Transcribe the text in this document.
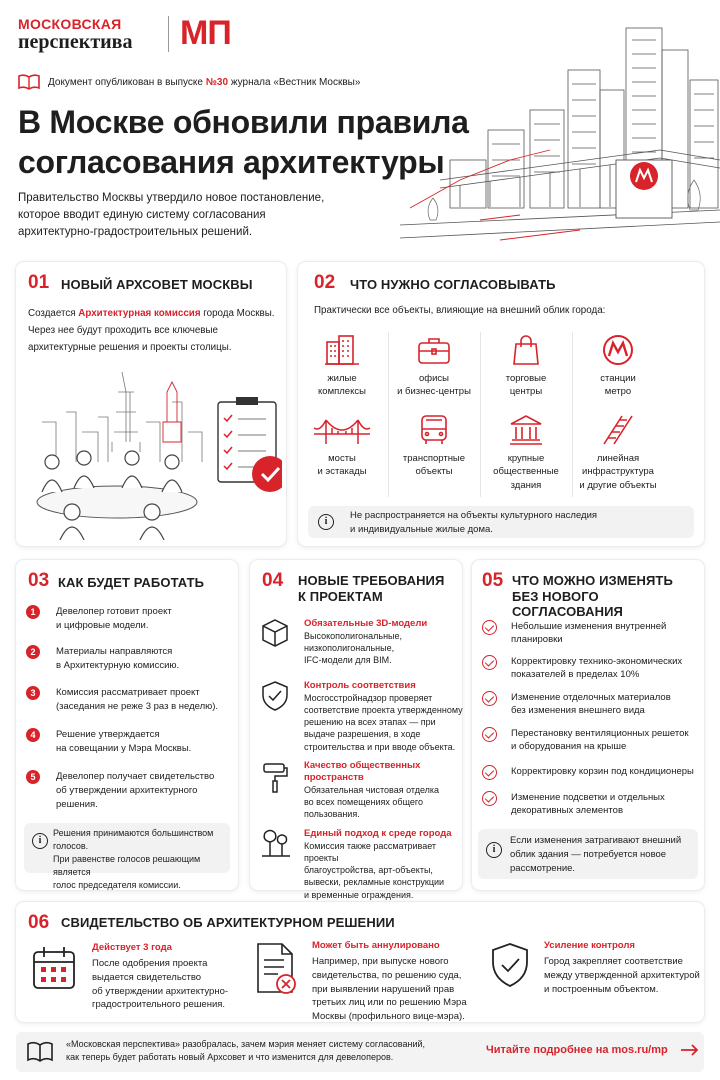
МОСКОВСКАЯ
перспектива МП
Документ опубликован в выпуске №30 журнала «Вестник Москвы»
В Москве обновили правила
согласования архитектуры
Правительство Москвы утвердило новое постановление,
которое вводит единую систему согласования
архитектурно-градостроительных решений.
01 НОВЫЙ АРХСОВЕТ МОСКВЫ
Создается Архитектурная комиссия города Москвы.
Через нее будут проходить все ключевые
архитектурные решения и проекты столицы.
02 ЧТО НУЖНО СОГЛАСОВЫВАТЬ
Практически все объекты, влияющие на внешний облик города:
жилые
комплексы
офисы
и бизнес-центры
торговые
центры
станции
метро
мосты
и эстакады
транспортные
объекты
крупные
общественные
здания
линейная
инфраструктура
и другие объекты
i
Не распространяется на объекты культурного наследия
и индивидуальные жилые дома.
03 КАК БУДЕТ РАБОТАТЬ
1	Девелопер готовит проект
и цифровые модели.
2	Материалы направляются
в Архитектурную комиссию.
3	Комиссия рассматривает проект
(заседания не реже 3 раз в неделю).
4	Решение утверждается
на совещании у Мэра Москвы.
5	Девелопер получает свидетельство
об утверждении архитектурного решения.
i
Решения принимаются большинством голосов.
При равенстве голосов решающим является
голос председателя комиссии.
04 НОВЫЕ ТРЕБОВАНИЯ
К ПРОЕКТАМ
Обязательные 3D-модели
Высокополигональные,
низкополигональные,
IFC-модели для BIM.
Контроль соответствия
Мосгосстройнадзор проверяет
соответствие проекта утвержденному
решению на всех этапах — при
выдаче разрешения, в ходе
строительства и при вводе объекта.
Качество общественных
пространств
Обязательная чистовая отделка
во всех помещениях общего
пользования.
Единый подход к среде города
Комиссия также рассматривает проекты
благоустройства, арт-объекты,
вывески, рекламные конструкции
и временные ограждения.
05 ЧТО МОЖНО ИЗМЕНЯТЬ
БЕЗ НОВОГО СОГЛАСОВАНИЯ
Небольшие изменения внутренней
планировки
Корректировку технико-экономических
показателей в пределах 10%
Изменение отделочных материалов
без изменения внешнего вида
Перестановку вентиляционных решеток
и оборудования на крыше
Корректировку корзин под кондиционеры
Изменение подсветки и отдельных
декоративных элементов
i
Если изменения затрагивают внешний
облик здания — потребуется новое
рассмотрение.
06 СВИДЕТЕЛЬСТВО ОБ АРХИТЕКТУРНОМ РЕШЕНИИ
Действует 3 года
После одобрения проекта
выдается свидетельство
об утверждении архитектурно-
градостроительного решения.
Может быть аннулировано
Например, при выпуске нового
свидетельства, по решению суда,
при выявлении нарушений прав
третьих лиц или по решению Мэра
Москвы (профильного вице-мэра).
Усиление контроля
Город закрепляет соответствие
между утвержденной архитектурой
и построенным объектом.
«Московская перспектива» разобралась, зачем мэрия меняет систему согласований,
как теперь будет работать новый Архсовет и что изменится для девелоперов.
Читайте подробнее на mos.ru/mp
